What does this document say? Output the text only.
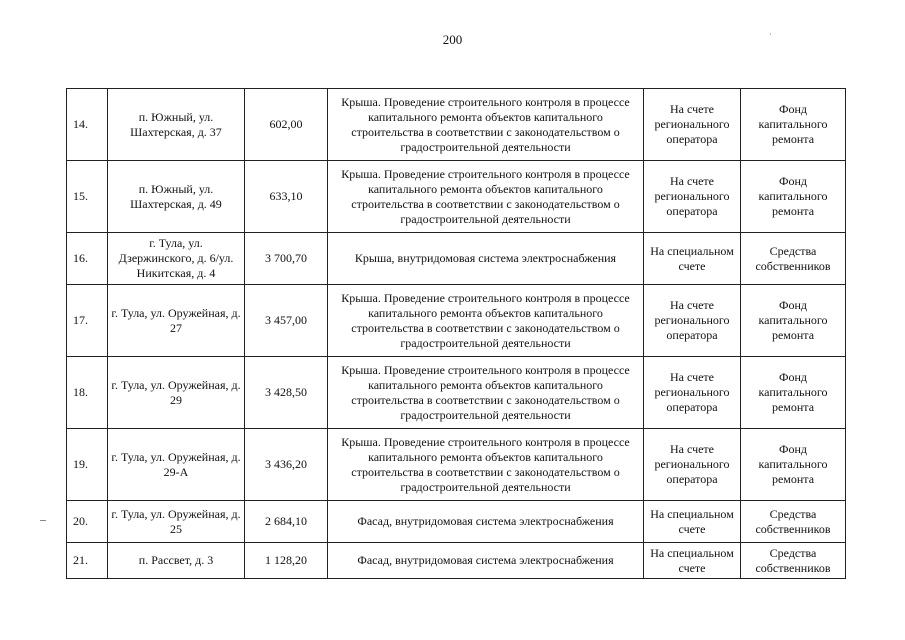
200	·
14.	п. Южный, ул. Шахтерская, д. 37	602,00	Крыша. Проведение строительного контроля в процессе капитального ремонта объектов капитального строительства в соответствии с законодательством о градостроительной деятельности	На счете регионального оператора	Фонд капитального ремонта
15.	п. Южный, ул. Шахтерская, д. 49	633,10	Крыша. Проведение строительного контроля в процессе капитального ремонта объектов капитального строительства в соответствии с законодательством о градостроительной деятельности	На счете регионального оператора	Фонд капитального ремонта
16.	г. Тула, ул. Дзержинского, д. 6/ул. Никитская, д. 4	3 700,70	Крыша, внутридомовая система электроснабжения	На специальном счете	Средства собственников
17.	г. Тула, ул. Оружейная, д. 27	3 457,00	Крыша. Проведение строительного контроля в процессе капитального ремонта объектов капитального строительства в соответствии с законодательством о градостроительной деятельности	На счете регионального оператора	Фонд капитального ремонта
18.	г. Тула, ул. Оружейная, д. 29	3 428,50	Крыша. Проведение строительного контроля в процессе капитального ремонта объектов капитального строительства в соответствии с законодательством о градостроительной деятельности	На счете регионального оператора	Фонд капитального ремонта
19.	г. Тула, ул. Оружейная, д. 29-А	3 436,20	Крыша. Проведение строительного контроля в процессе капитального ремонта объектов капитального строительства в соответствии с законодательством о градостроительной деятельности	На счете регионального оператора	Фонд капитального ремонта
20.	г. Тула, ул. Оружейная, д. 25	2 684,10	Фасад, внутридомовая система электроснабжения	На специальном счете	Средства собственников
21.	п. Рассвет, д. 3	1 128,20	Фасад, внутридомовая система электроснабжения	На специальном счете	Средства собственников
